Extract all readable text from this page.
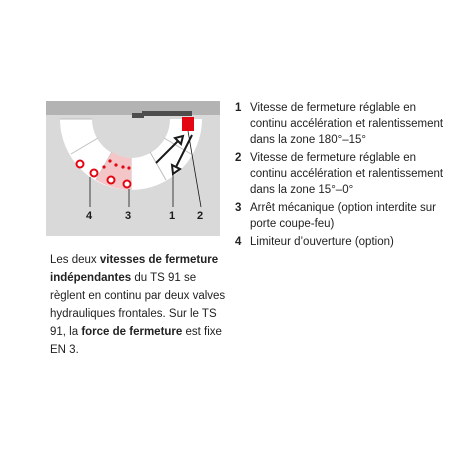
4	3	1 2
Les deux vitesses de fermeture indépendantes du TS 91 se règlent en continu par deux valves hydrauliques frontales. Sur le TS 91, la force de fermeture est fixe EN 3.
1 Vitesse de fermeture réglable en continu accélération et ralentissement dans la zone 180°–15°
2 Vitesse de fermeture réglable en continu accélération et ralentissement dans la zone 15°–0°
3 Arrêt mécanique (option interdite sur porte coupe-feu)
4 Limiteur d’ouverture (option)
